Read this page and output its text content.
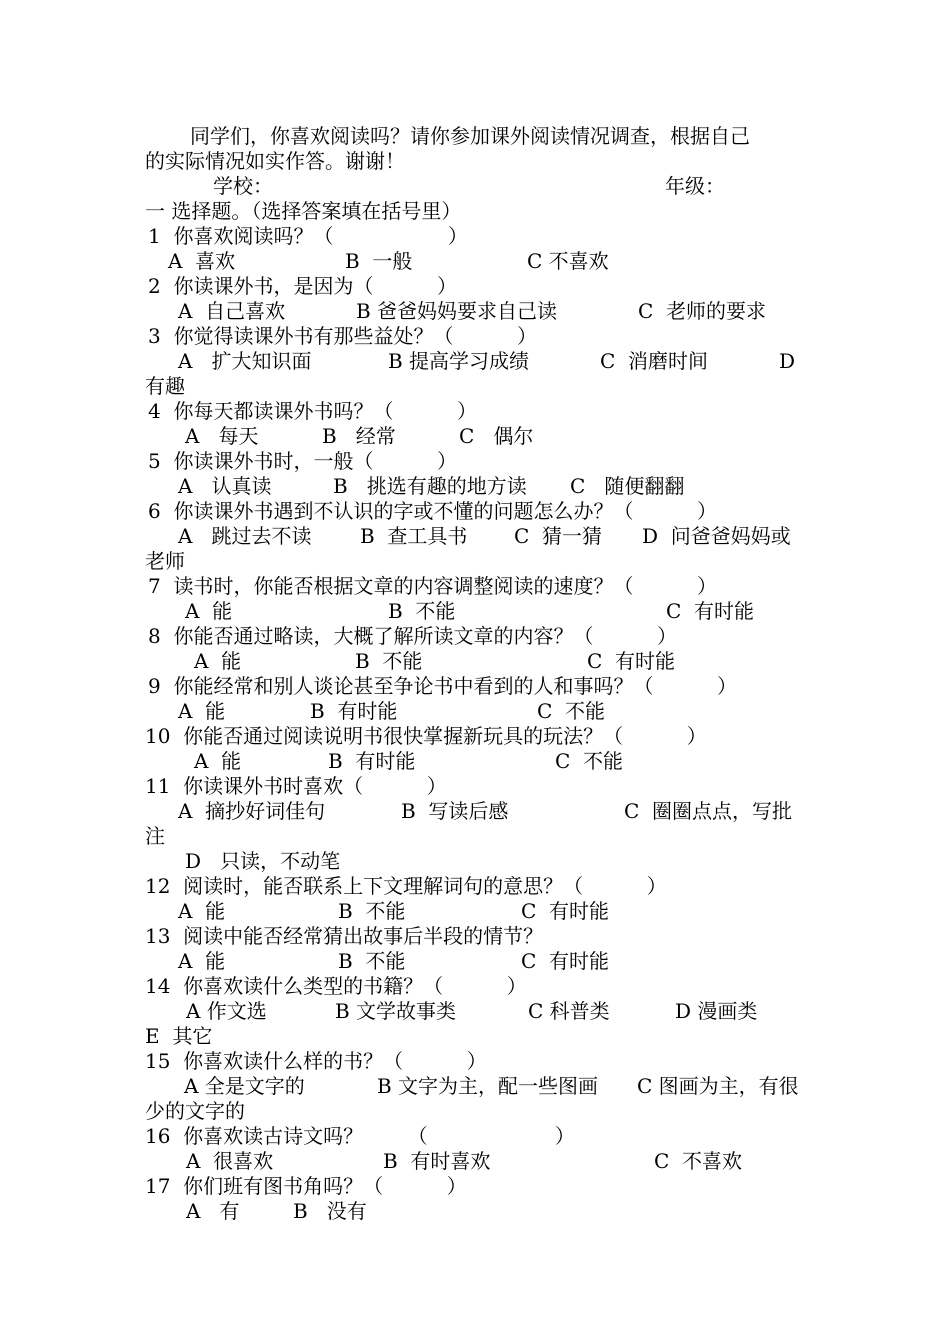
同学们，你喜欢阅读吗？请你参加课外阅读情况调查，根据自己
的实际情况如实作答。谢谢！
学校：	年级：
一 选择题。（选择答案填在括号里）
1  你喜欢阅读吗？（                  ）
A  喜欢	B  一般	C 不喜欢
2  你读课外书，是因为（          ）
A  自己喜欢	B 爸爸妈妈要求自己读	C  老师的要求
3  你觉得读课外书有那些益处？（          ）
A   扩大知识面	B 提高学习成绩	C  消磨时间	D
有趣
4  你每天都读课外书吗？（          ）
A   每天	B   经常	C   偶尔
5  你读课外书时，一般（          ）
A   认真读	B   挑选有趣的地方读 C   随便翻翻
6  你读课外书遇到不认识的字或不懂的问题怎么办？（          ）
A   跳过去不读 B  查工具书 C  猜一猜 D  问爸爸妈妈或
老师
7  读书时，你能否根据文章的内容调整阅读的速度？（          ）
A  能	B  不能	C  有时能
8  你能否通过略读，大概了解所读文章的内容？（          ）
A  能	B  不能	C  有时能
9  你能经常和别人谈论甚至争论书中看到的人和事吗？（          ）
A  能	B  有时能	C  不能
10  你能否通过阅读说明书很快掌握新玩具的玩法？（          ）
A  能	B  有时能	C  不能
11  你读课外书时喜欢（          ）
A  摘抄好词佳句	B  写读后感	C  圈圈点点，写批
注
D   只读，不动笔
12  阅读时，能否联系上下文理解词句的意思？（          ）
A  能	B  不能	C  有时能
13  阅读中能否经常猜出故事后半段的情节？
A  能	B  不能	C  有时能
14  你喜欢读什么类型的书籍？（          ）
A 作文选	B 文学故事类	C 科普类	D 漫画类
E  其它
15  你喜欢读什么样的书？（          ）
A 全是文字的	B 文字为主，配一些图画 C 图画为主，有很
少的文字的
16  你喜欢读古诗文吗？       （                    ）
A  很喜欢	B  有时喜欢	C  不喜欢
17  你们班有图书角吗？（          ）
A   有	B   没有
